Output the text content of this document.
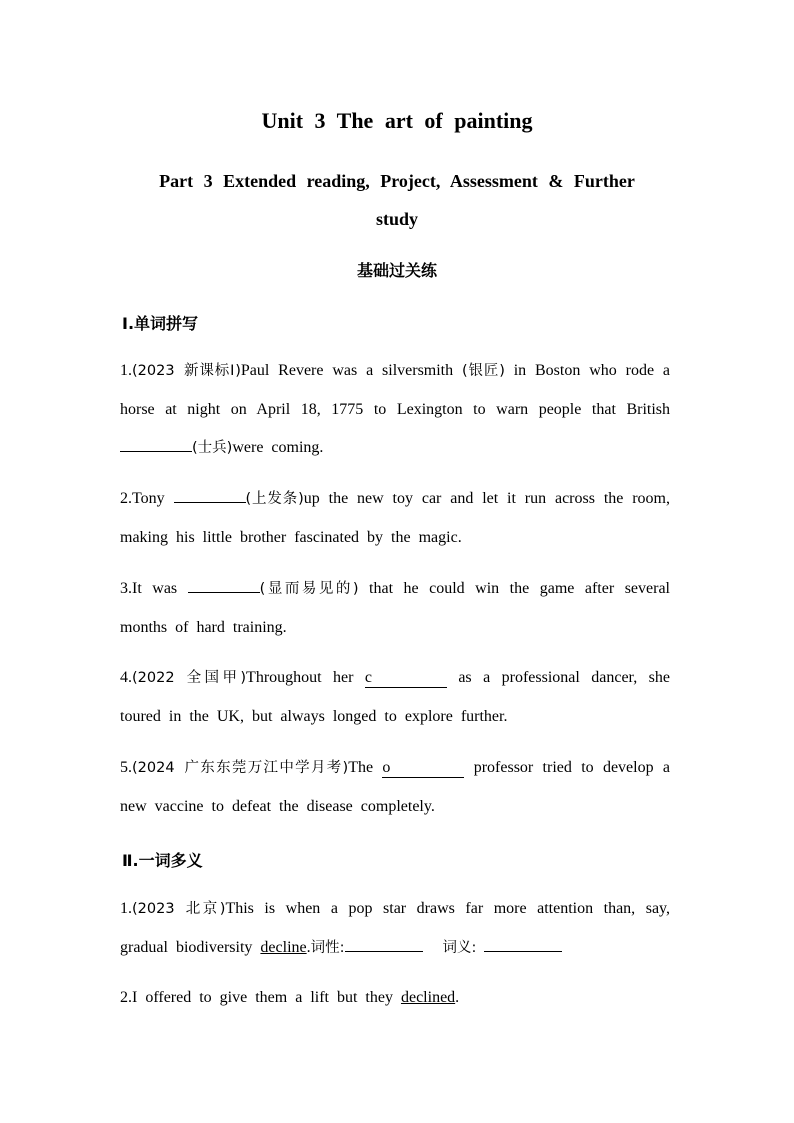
Unit 3 The art of painting
Part 3 Extended reading, Project, Assessment & Further study
基础过关练
Ⅰ.单词拼写
1.(2023 新课标Ⅰ)Paul Revere was a silversmith (银匠) in Boston who rode a horse at night on April 18, 1775 to Lexington to warn people that British (士兵)were coming.
2.Tony	(上发条)up the new toy car and let it run across the room, making his little brother fascinated by the magic.
3.It was	(显而易见的) that he could win the game after several months of hard training.
4.(2022 全国甲)Throughout her c	as a professional dancer, she toured in the UK, but always longed to explore further.
5.(2024 广东东莞万江中学月考)The o	professor tried to develop a new vaccine to defeat the disease completely.
Ⅱ.一词多义
1.(2023 北京)This is when a pop star draws far more attention than, say, gradual biodiversity decline.词性:	词义:
2.I offered to give them a lift but they declined.
